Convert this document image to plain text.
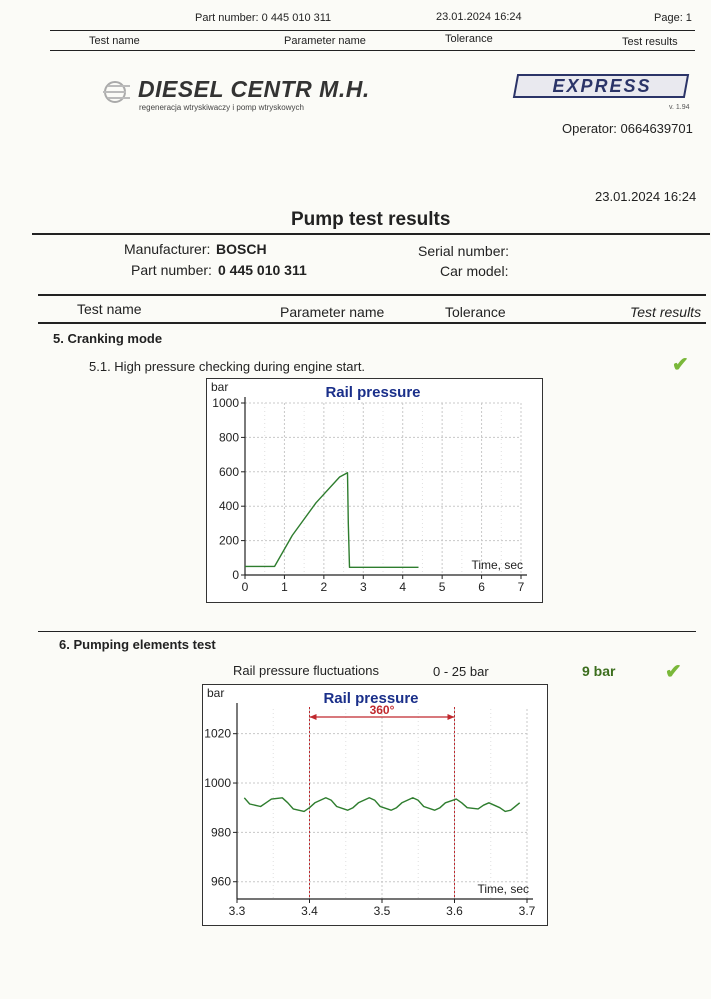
Part number: 0 445 010 311	23.01.2024 16:24	Page: 1
Test name	Parameter name	Tolerance	Test results
DIESEL CENTR M.H.
regeneracja wtryskiwaczy i pomp wtryskowych
EXPRESS
v. 1.94
Operator: 0664639701
23.01.2024 16:24
Pump test results
Manufacturer: BOSCH
Part number: 0 445 010 311
Serial number:
Car model:
Test name	Parameter name	Tolerance	Test results
5. Cranking mode
5.1. High pressure checking during engine start.	✔
0	1	2	3	4	5	6	7
0
200
400
600
800
1000
bar
Time, sec
Rail pressure
6. Pumping elements test
Rail pressure fluctuations	0 - 25 bar	9 bar ✔
3.3	3.4	3.5	3.6	3.7
960
980
1000
1020
bar
Time, sec
Rail pressure
360°
